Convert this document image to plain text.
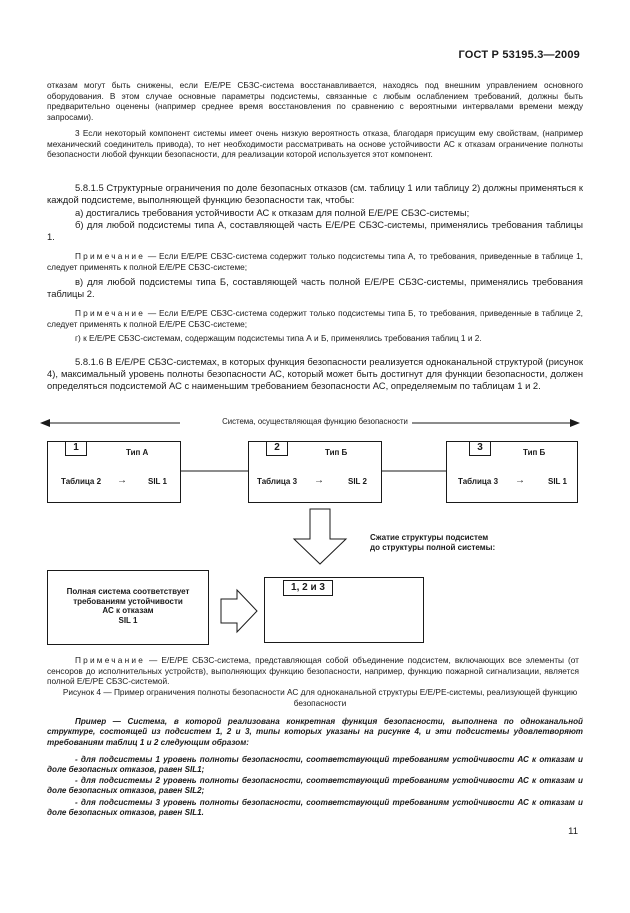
ГОСТ Р 53195.3—2009

отказам могут быть снижены, если Е/Е/РЕ СБЗС-система восстанавливается, находясь под внешним управлением основного оборудования. В этом случае основные параметры подсистемы, связанные с любым ослаблением требований, должны быть предварительно оценены (например среднее время восстановления по сравнению с вероятными интервалами времени между запросами).

3 Если некоторый компонент системы имеет очень низкую вероятность отказа, благодаря присущим ему свойствам, (например механический соединитель привода), то нет необходимости рассматривать на основе устойчивости АС к отказам ограничение полноты безопасности любой функции безопасности, для реализации которой используется этот компонент.

5.8.1.5 Структурные ограничения по доле безопасных отказов (см. таблицу 1 или таблицу 2) должны применяться к каждой подсистеме, выполняющей функцию безопасности так, чтобы:

а) достигались требования устойчивости АС к отказам для полной Е/Е/РЕ СБЗС-системы;

б) для любой подсистемы типа А, составляющей часть Е/Е/РЕ СБЗС-системы, применялись требования таблицы 1.

Примечание — Если Е/Е/РЕ СБЗС-система содержит только подсистемы типа А, то требования, приведенные в таблице 1, следует применять к полной Е/Е/РЕ СБЗС-системе;

в) для любой подсистемы типа Б, составляющей часть полной Е/Е/РЕ СБЗС-системы, применялись требования таблицы 2.

Примечание — Если Е/Е/РЕ СБЗС-система содержит только подсистемы типа Б, то требования, приведенные в таблице 2, следует применять к полной Е/Е/РЕ СБЗС-системе;

г) к Е/Е/РЕ СБЗС-системам, содержащим подсистемы типа А и Б, применялись требования таблиц 1 и 2.

5.8.1.6 В Е/Е/РЕ СБЗС-системах, в которых функция безопасности реализуется одноканальной структурой (рисунок 4), максимальный уровень полноты безопасности АС, который может быть достигнут для функции безопасности, должен определяться подсистемой АС с наименьшим требованием безопасности АС, определяемым по таблицам 1 и 2.

Система, осуществляющая функцию безопасности
1	Тип А
Таблица 2 →	SIL 1
2	Тип Б
Таблица 3 →	SIL 2
3	Тип Б
Таблица 3 →	SIL 1
Сжатие структуры подсистем
до структуры полной системы:
Полная система соответствует
требованиям устойчивости
АС к отказам
SIL 1
1, 2 и 3

Примечание — Е/Е/РЕ СБЗС-система, представляющая собой объединение подсистем, включающих все элементы (от сенсоров до исполнительных устройств), выполняющих функцию безопасности, например, функцию пожарной сигнализации, является полной Е/Е/РЕ СБЗС-системой.

Рисунок 4 — Пример ограничения полноты безопасности АС для одноканальной структуры Е/Е/РЕ-системы, реализующей функцию безопасности

Пример — Система, в которой реализована конкретная функция безопасности, выполнена по одноканальной структуре, состоящей из подсистем 1, 2 и 3, типы которых указаны на рисунке 4, и эти подсистемы удовлетворяют требованиям таблиц 1 и 2 следующим образом:

- для подсистемы 1 уровень полноты безопасности, соответствующий требованиям устойчивости АС к отказам и доле безопасных отказов, равен SIL1;

- для подсистемы 2 уровень полноты безопасности, соответствующий требованиям устойчивости АС к отказам и доле безопасных отказов, равен SIL2;

- для подсистемы 3 уровень полноты безопасности, соответствующий требованиям устойчивости АС к отказам и доле безопасных отказов, равен SIL1.

11
